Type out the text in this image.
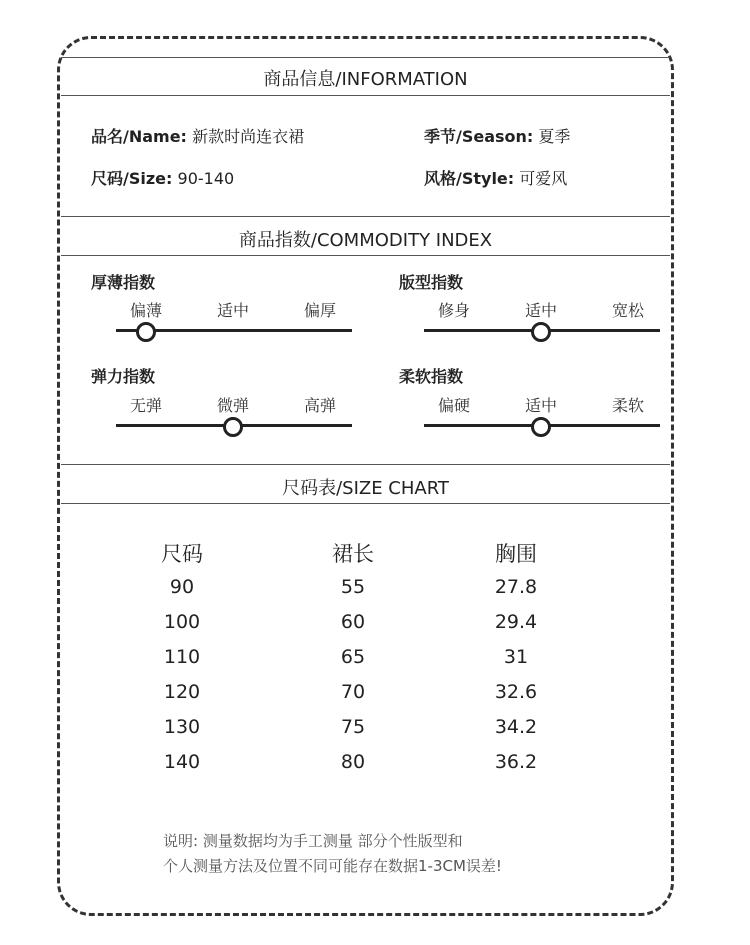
商品信息/INFORMATION
品名/Name: 新款时尚连衣裙	季节/Season: 夏季
尺码/Size: 90-140	风格/Style: 可爱风
商品指数/COMMODITY INDEX
厚薄指数
偏薄	适中	偏厚
版型指数
修身	适中	宽松
弹力指数
无弹	微弹	高弹
柔软指数
偏硬	适中	柔软
尺码表/SIZE CHART
尺码	裙长	胸围
90	55	27.8
100	60	29.4
110	65	31
120	70	32.6
130	75	34.2
140	80	36.2
说明: 测量数据均为手工测量 部分个性版型和
个人测量方法及位置不同可能存在数据1-3CM误差!
